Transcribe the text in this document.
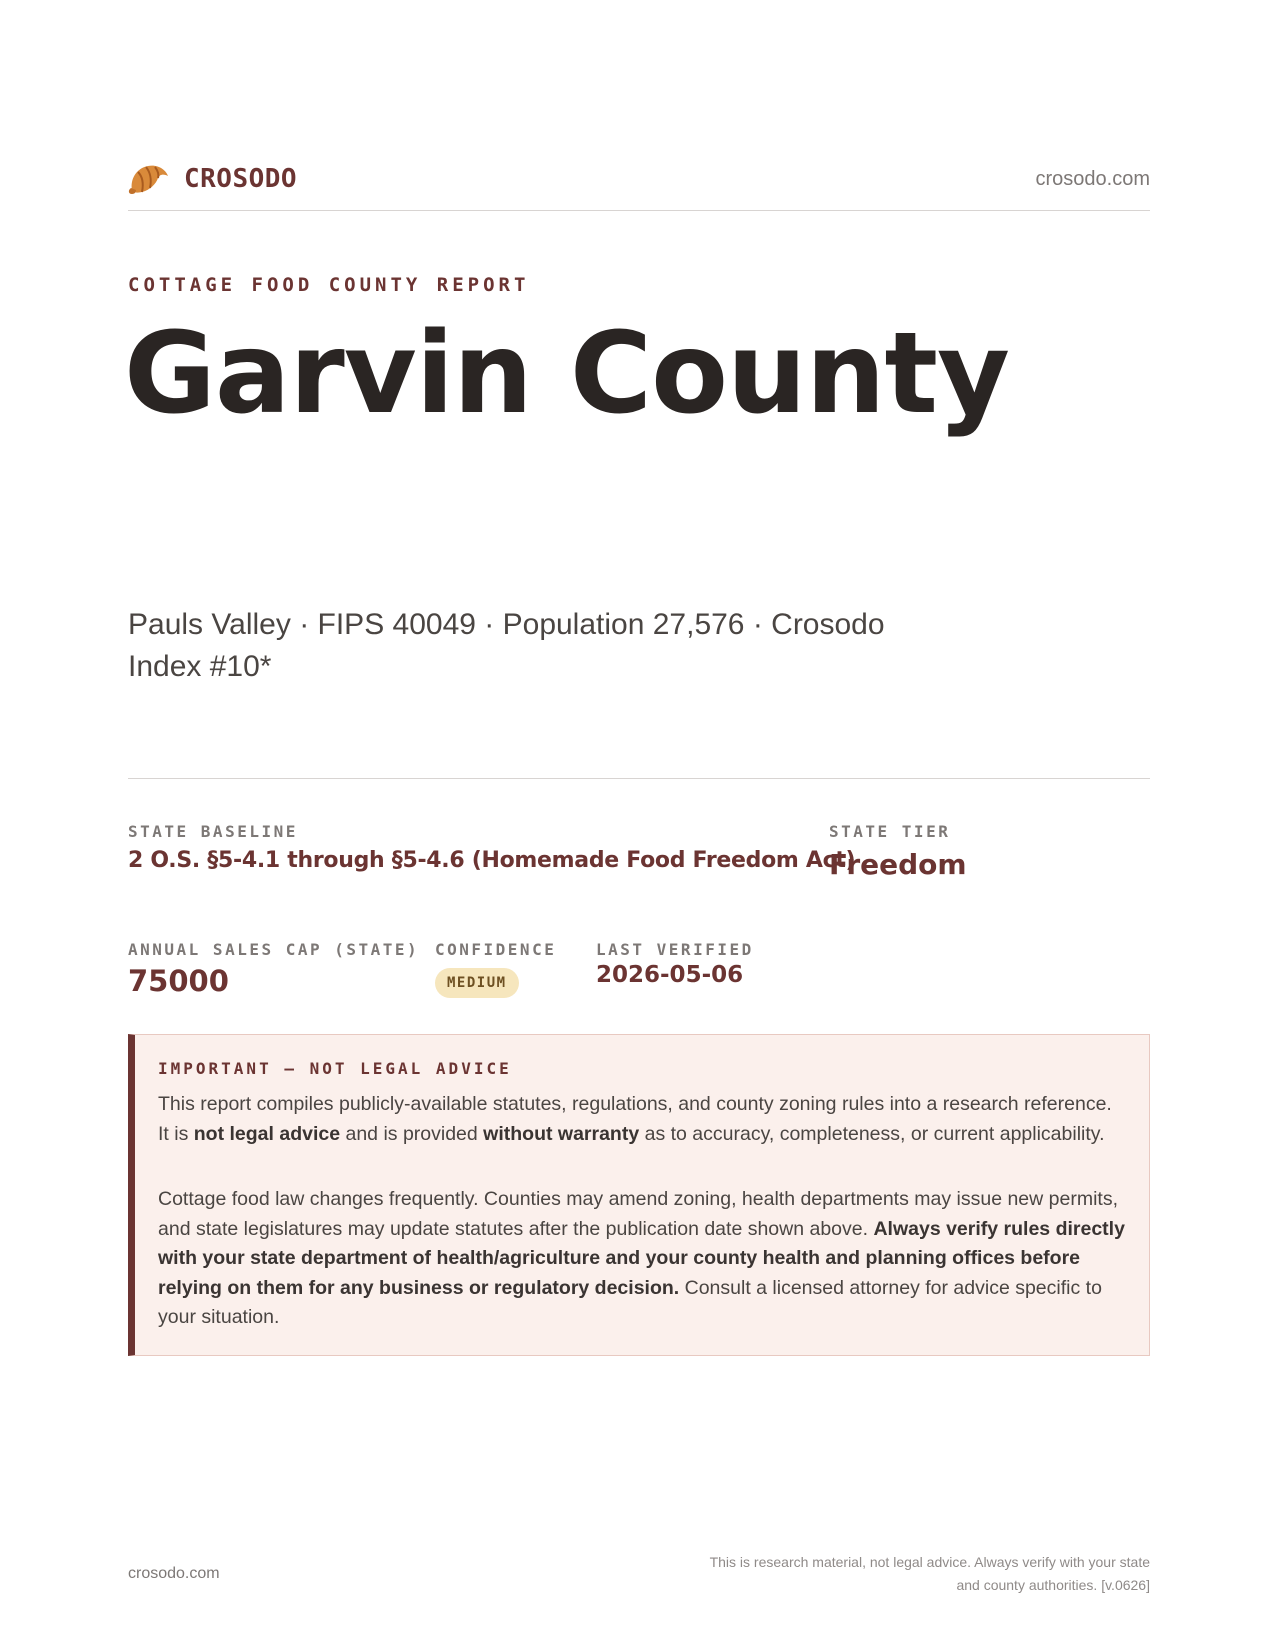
CROSODO	crosodo.com
COTTAGE FOOD COUNTY REPORT
Garvin County
Pauls Valley · FIPS 40049 · Population 27,576 · Crosodo Index #10*
STATE BASELINE
2 O.S. §5-4.1 through §5-4.6 (Homemade Food Freedom Act)
STATE TIER
Freedom
ANNUAL SALES CAP (STATE)
75000
CONFIDENCE
MEDIUM
LAST VERIFIED
2026-05-06
IMPORTANT — NOT LEGAL ADVICE

This report compiles publicly-available statutes, regulations, and county zoning rules into a research reference. It is not legal advice and is provided without warranty as to accuracy, completeness, or current applicability.

Cottage food law changes frequently. Counties may amend zoning, health departments may issue new permits, and state legislatures may update statutes after the publication date shown above. Always verify rules directly with your state department of health/agriculture and your county health and planning offices before relying on them for any business or regulatory decision. Consult a licensed attorney for advice specific to your situation.

crosodo.com
This is research material, not legal advice. Always verify with your state
and county authorities. [v.0626]
